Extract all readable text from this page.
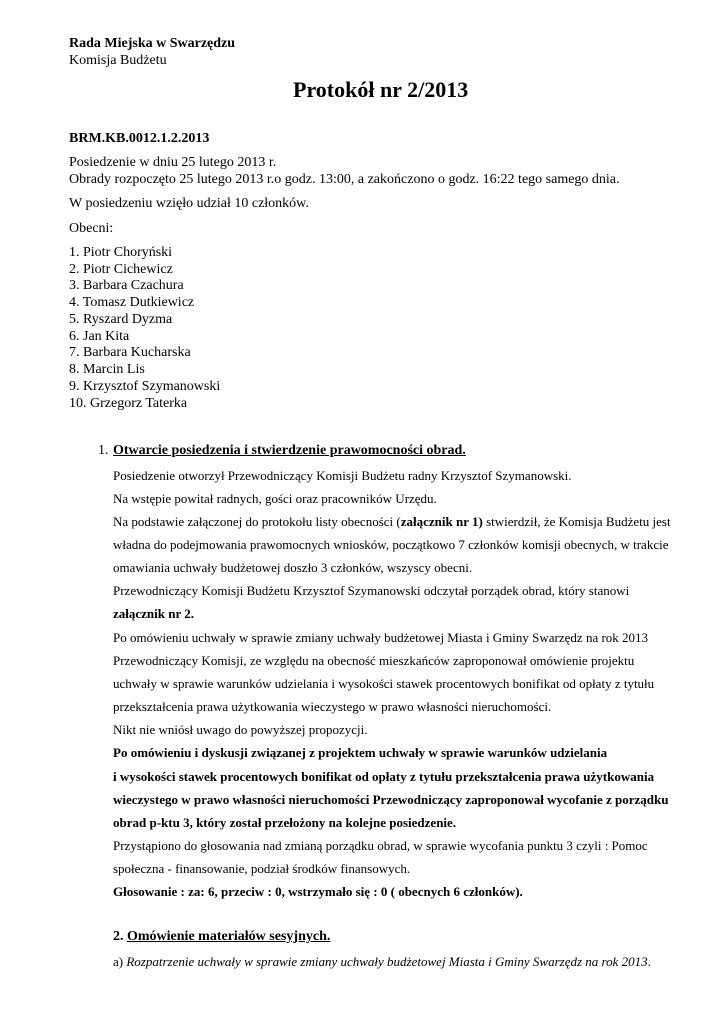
Rada Miejska w Swarzędzu
Komisja Budżetu
Protokół nr 2/2013
BRM.KB.0012.1.2.2013
Posiedzenie w dniu 25 lutego 2013 r.
Obrady rozpoczęto 25 lutego 2013 r.o godz. 13:00, a zakończono o godz. 16:22 tego samego dnia.
W posiedzeniu wzięło udział 10 członków.
Obecni:
1. Piotr Choryński
2. Piotr Cichewicz
3. Barbara Czachura
4. Tomasz Dutkiewicz
5. Ryszard Dyzma
6. Jan Kita
7. Barbara Kucharska
8. Marcin Lis
9. Krzysztof Szymanowski
10. Grzegorz Taterka
1. Otwarcie posiedzenia i stwierdzenie prawomocności obrad.
Posiedzenie otworzył Przewodniczący Komisji Budżetu radny Krzysztof Szymanowski.
Na wstępie powitał radnych, gości oraz pracowników Urzędu.
Na podstawie załączonej do protokołu listy obecności (załącznik nr 1) stwierdził, że Komisja Budżetu jest
władna do podejmowania prawomocnych wniosków, początkowo 7 członków komisji obecnych, w trakcie
omawiania uchwały budżetowej doszło 3 członków, wszyscy obecni.
Przewodniczący Komisji Budżetu Krzysztof Szymanowski odczytał porządek obrad, który stanowi
załącznik nr 2.
Po omówieniu uchwały w sprawie zmiany uchwały budżetowej Miasta i Gminy Swarzędz na rok 2013
Przewodniczący Komisji, ze względu na obecność mieszkańców zaproponował omówienie projektu
uchwały w sprawie warunków udzielania i wysokości stawek procentowych bonifikat od opłaty z tytułu
przekształcenia prawa użytkowania wieczystego w prawo własności nieruchomości.
Nikt nie wniósł uwago do powyższej propozycji.
Po omówieniu i dyskusji związanej z projektem uchwały w sprawie warunków udzielania
i wysokości stawek procentowych bonifikat od opłaty z tytułu przekształcenia prawa użytkowania
wieczystego w prawo własności nieruchomości Przewodniczący zaproponował wycofanie z porządku
obrad p-ktu 3, który został przełożony na kolejne posiedzenie.
Przystąpiono do głosowania nad zmianą porządku obrad, w sprawie wycofania punktu 3 czyli : Pomoc
społeczna - finansowanie, podział środków finansowych.
Głosowanie : za: 6, przeciw : 0, wstrzymało się : 0 ( obecnych 6 członków).
2. Omówienie materiałów sesyjnych.
a) Rozpatrzenie uchwały w sprawie zmiany uchwały budżetowej Miasta i Gminy Swarzędz na rok 2013.
